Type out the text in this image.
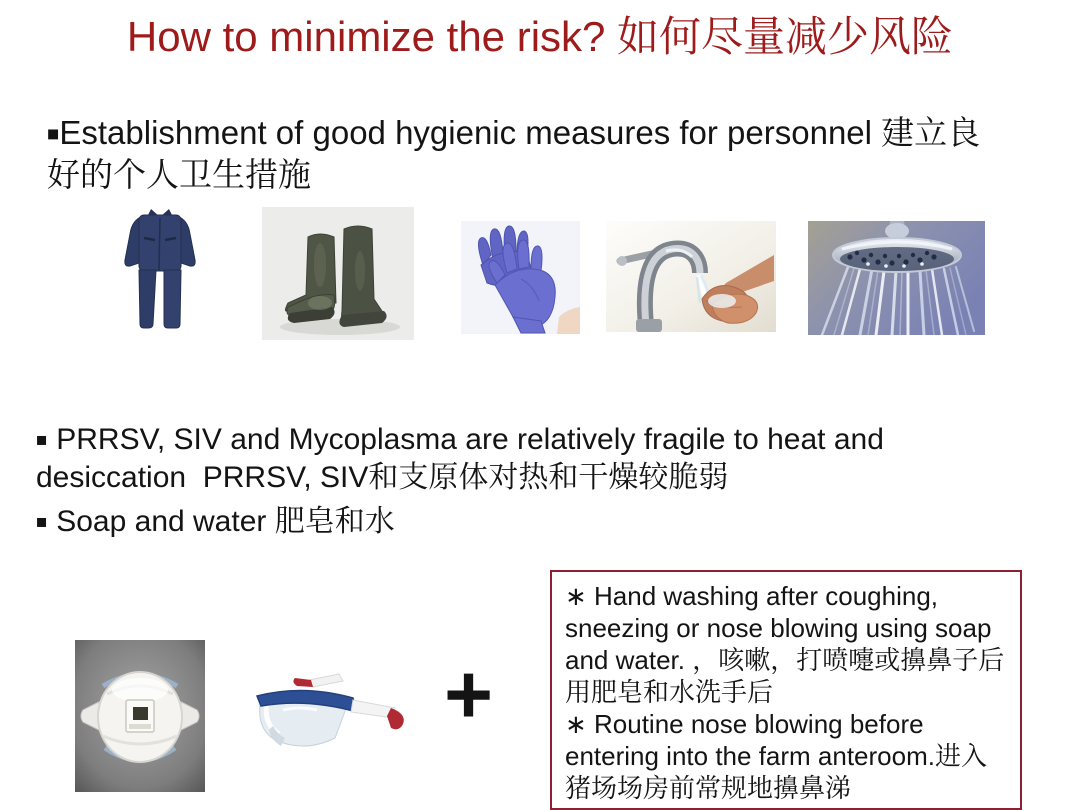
How to minimize the risk? 如何尽量减少风险
■Establishment of good hygienic measures for personnel 建立良好的个人卫生措施

■ PRRSV, SIV and Mycoplasma are relatively fragile to heat and desiccation  PRRSV, SIV和支原体对热和干燥较脆弱

■ Soap and water 肥皂和水

+

∗ Hand washing after coughing, sneezing or nose blowing using soap and water. ，咳嗽，打喷嚏或擤鼻子后用肥皂和水洗手后

∗ Routine nose blowing before entering into the farm anteroom.进入猪场场房前常规地擤鼻涕
